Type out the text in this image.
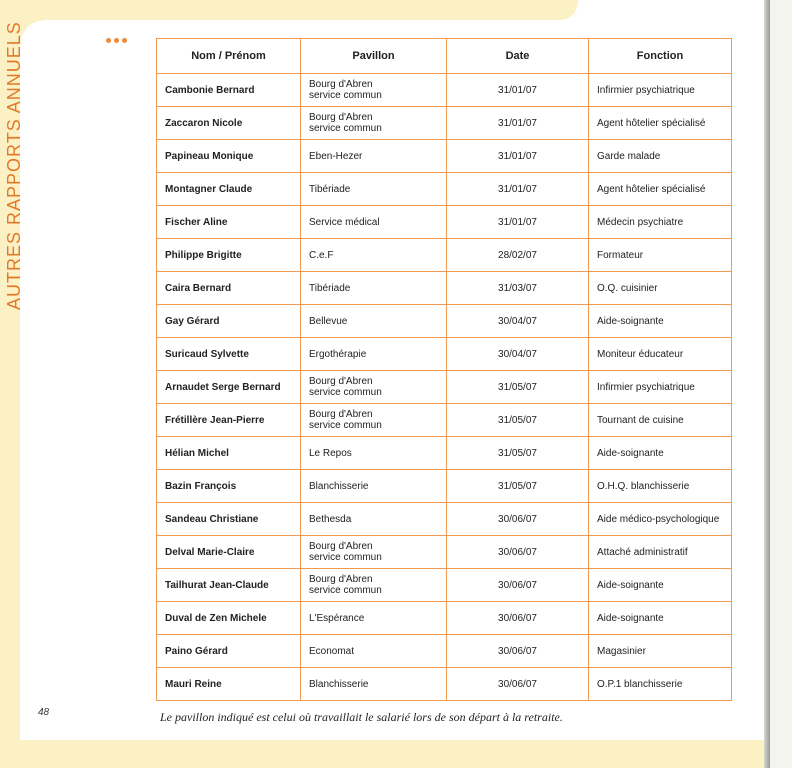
Nom / Prénom	Pavillon	Date	Fonction
Cambonie Bernard	Bourg d'Abren
service commun	31/01/07	Infirmier psychiatrique
Zaccaron Nicole	Bourg d'Abren
service commun	31/01/07	Agent hôtelier spécialisé
Papineau Monique	Eben-Hezer	31/01/07	Garde malade
Montagner Claude	Tibériade	31/01/07	Agent hôtelier spécialisé
Fischer Aline	Service médical	31/01/07	Médecin psychiatre
Philippe Brigitte	C.e.F	28/02/07	Formateur
Caira Bernard	Tibériade	31/03/07	O.Q. cuisinier
Gay Gérard	Bellevue	30/04/07	Aide-soignante
Suricaud Sylvette	Ergothérapie	30/04/07	Moniteur éducateur
Arnaudet Serge Bernard	Bourg d'Abren
service commun	31/05/07	Infirmier psychiatrique
Frétillère Jean-Pierre	Bourg d'Abren
service commun	31/05/07	Tournant de cuisine
Hélian Michel	Le Repos	31/05/07	Aide-soignante
Bazin François	Blanchisserie	31/05/07	O.H.Q. blanchisserie
Sandeau Christiane	Bethesda	30/06/07	Aide médico-psychologique
Delval Marie-Claire	Bourg d'Abren
service commun	30/06/07	Attaché administratif
Tailhurat Jean-Claude	Bourg d'Abren
service commun	30/06/07	Aide-soignante
Duval de Zen Michele	L'Espérance	30/06/07	Aide-soignante
Paino Gérard	Economat	30/06/07	Magasinier
Mauri Reine	Blanchisserie	30/06/07	O.P.1 blanchisserie
48	Le pavillon indiqué est celui où travaillait le salarié lors de son départ à la retraite.
